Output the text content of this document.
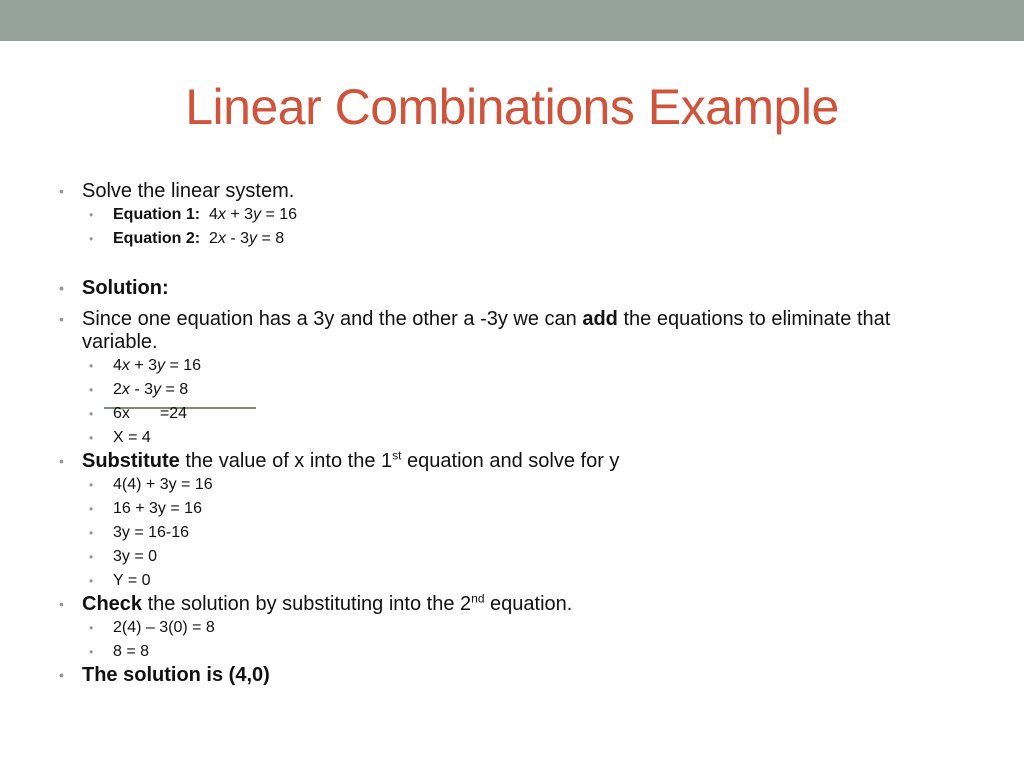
Linear Combinations Example
• Solve the linear system.
• Equation 1: 4x + 3y = 16
• Equation 2: 2x - 3y = 8
• Solution:
• Since one equation has a 3y and the other a -3y we can add the equations to eliminate that variable.
• 4x + 3y = 16
• 2x - 3y = 8
• 6x =24
• X = 4
• Substitute the value of x into the 1st equation and solve for y
• 4(4) + 3y = 16
• 16 + 3y = 16
• 3y = 16-16
• 3y = 0
• Y = 0
• Check the solution by substituting into the 2nd equation.
• 2(4) – 3(0) = 8
• 8 = 8
• The solution is (4,0)
